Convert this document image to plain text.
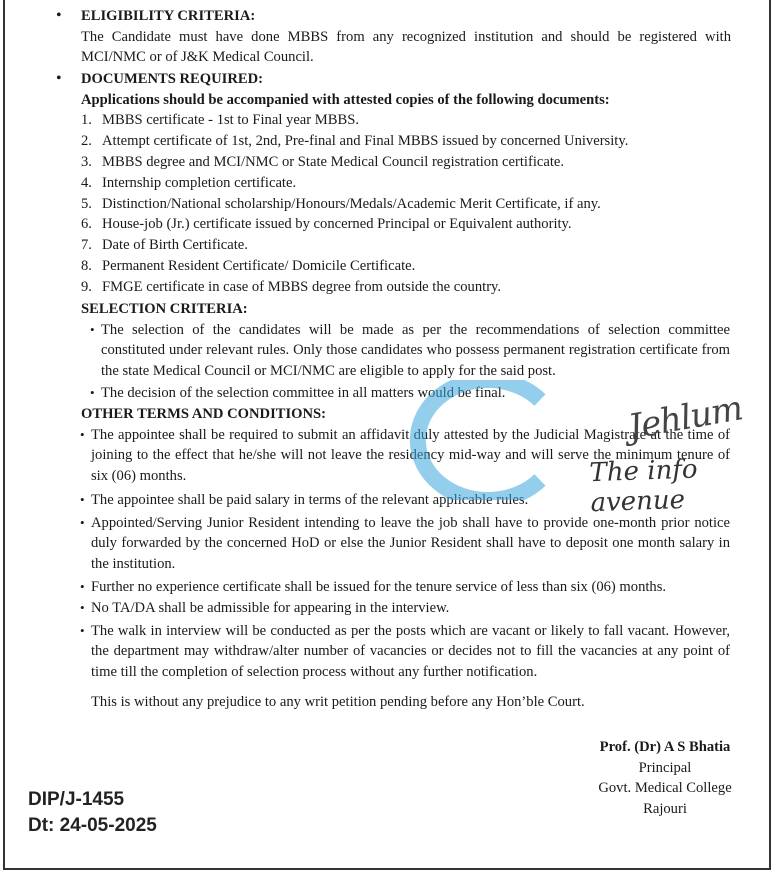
• ELIGIBILITY CRITERIA:
The Candidate must have done MBBS from any recognized institution and should be registered with MCI/NMC or of J&K Medical Council.
• DOCUMENTS REQUIRED:
Applications should be accompanied with attested copies of the following documents:
1. MBBS certificate - 1st to Final year MBBS.
2. Attempt certificate of 1st, 2nd, Pre-final and Final MBBS issued by concerned University.
3. MBBS degree and MCI/NMC or State Medical Council registration certificate.
4. Internship completion certificate.
5. Distinction/National scholarship/Honours/Medals/Academic Merit Certificate, if any.
6. House-job (Jr.) certificate issued by concerned Principal or Equivalent authority.
7. Date of Birth Certificate.
8. Permanent Resident Certificate/ Domicile Certificate.
9. FMGE certificate in case of MBBS degree from outside the country.
SELECTION CRITERIA:
• The selection of the candidates will be made as per the recommendations of selection committee constituted under relevant rules. Only those candidates who possess permanent registration certificate from the state Medical Council or MCI/NMC are eligible to apply for the said post.
• The decision of the selection committee in all matters would be final.
OTHER TERMS AND CONDITIONS:
• The appointee shall be required to submit an affidavit duly attested by the Judicial Magistrate at the time of joining to the effect that he/she will not leave the residency mid-way and will serve the minimum tenure of six (06) months.
• The appointee shall be paid salary in terms of the relevant applicable rules.
• Appointed/Serving Junior Resident intending to leave the job shall have to provide one-month prior notice duly forwarded by the concerned HoD or else the Junior Resident shall have to deposit one month salary in the institution.
• Further no experience certificate shall be issued for the tenure service of less than six (06) months.
• No TA/DA shall be admissible for appearing in the interview.
• The walk in interview will be conducted as per the posts which are vacant or likely to fall vacant. However, the department may withdraw/alter number of vacancies or decides not to fill the vacancies at any point of time till the completion of selection process without any further notification.
This is without any prejudice to any writ petition pending before any Hon’ble Court.
Jehlum
The info avenue
Prof. (Dr) A S Bhatia
Principal
Govt. Medical College
Rajouri
DIP/J-1455
Dt: 24-05-2025
